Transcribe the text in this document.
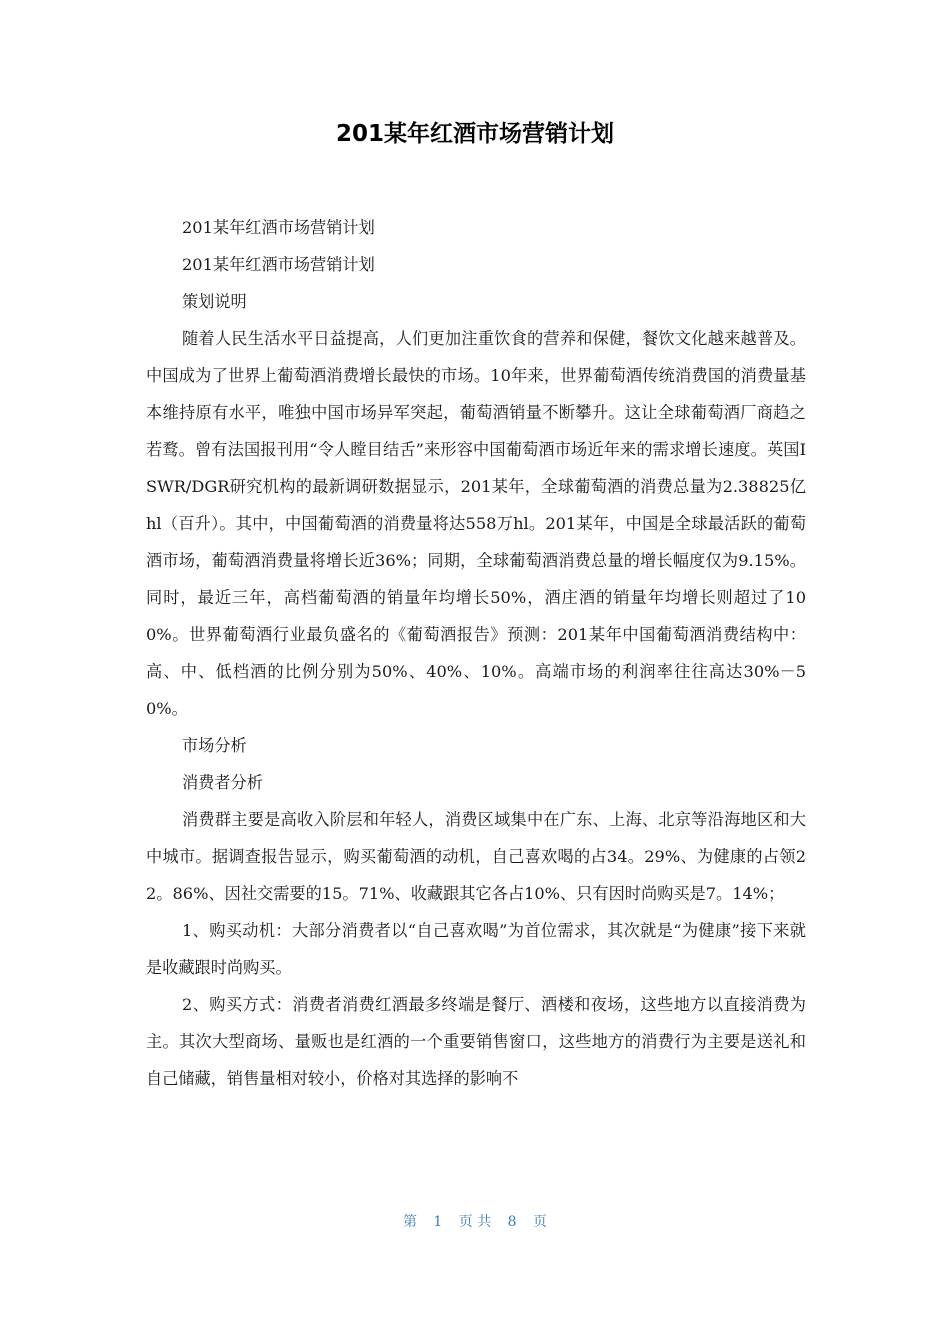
201某年红酒市场营销计划

201某年红酒市场营销计划

201某年红酒市场营销计划

策划说明

随着人民生活水平日益提高，人们更加注重饮食的营养和保健，餐饮文化越来越普及。中国成为了世界上葡萄酒消费增长最快的市场。10年来，世界葡萄酒传统消费国的消费量基本维持原有水平，唯独中国市场异军突起，葡萄酒销量不断攀升。这让全球葡萄酒厂商趋之若鹜。曾有法国报刊用“令人瞠目结舌”来形容中国葡萄酒市场近年来的需求增长速度。英国ISWR/DGR研究机构的最新调研数据显示，201某年，全球葡萄酒的消费总量为2.38825亿hl（百升）。其中，中国葡萄酒的消费量将达558万hl。201某年，中国是全球最活跃的葡萄酒市场，葡萄酒消费量将增长近36%；同期，全球葡萄酒消费总量的增长幅度仅为9.15%。同时，最近三年，高档葡萄酒的销量年均增长50%，酒庄酒的销量年均增长则超过了100%。世界葡萄酒行业最负盛名的《葡萄酒报告》预测：201某年中国葡萄酒消费结构中：高、中、低档酒的比例分别为50%、40%、10%。高端市场的利润率往往高达30%－50%。

市场分析

消费者分析

消费群主要是高收入阶层和年轻人，消费区域集中在广东、上海、北京等沿海地区和大中城市。据调查报告显示，购买葡萄酒的动机，自己喜欢喝的占34。29%、为健康的占领22。86%、因社交需要的15。71%、收藏跟其它各占10%、只有因时尚购买是7。14%；

1、购买动机：大部分消费者以“自己喜欢喝”为首位需求，其次就是“为健康”接下来就是收藏跟时尚购买。

2、购买方式：消费者消费红酒最多终端是餐厅、酒楼和夜场，这些地方以直接消费为主。其次大型商场、量贩也是红酒的一个重要销售窗口，这些地方的消费行为主要是送礼和自己储藏，销售量相对较小，价格对其选择的影响不

第 1 页 共 8 页
